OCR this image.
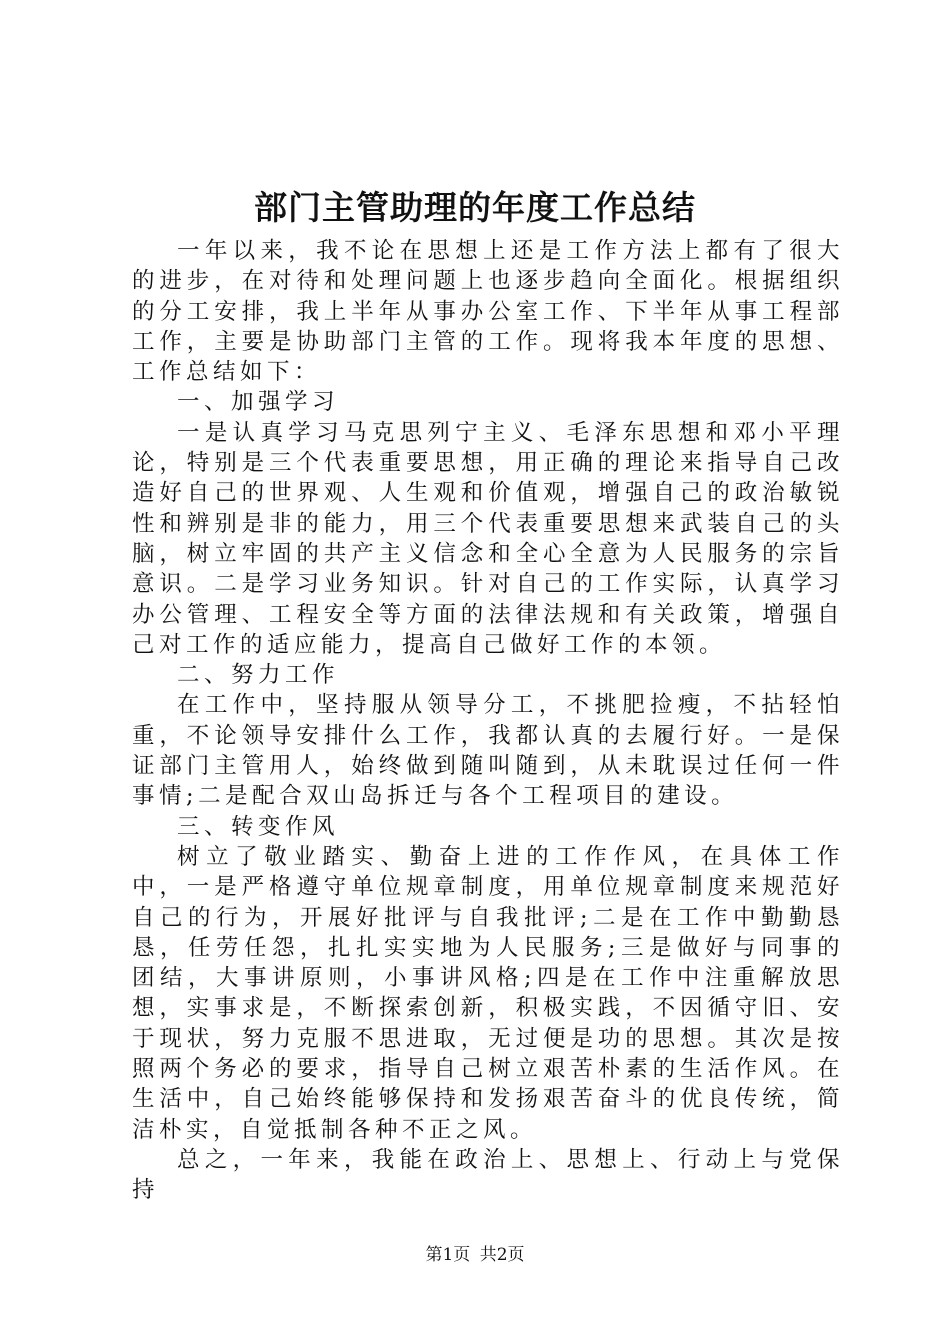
部门主管助理的年度工作总结

一年以来，我不论在思想上还是工作方法上都有了很大的进步，在对待和处理问题上也逐步趋向全面化。根据组织的分工安排，我上半年从事办公室工作、下半年从事工程部工作，主要是协助部门主管的工作。现将我本年度的思想、工作总结如下：

一、加强学习

一是认真学习马克思列宁主义、毛泽东思想和邓小平理论，特别是三个代表重要思想，用正确的理论来指导自己改造好自己的世界观、人生观和价值观，增强自己的政治敏锐性和辨别是非的能力，用三个代表重要思想来武装自己的头脑，树立牢固的共产主义信念和全心全意为人民服务的宗旨意识。二是学习业务知识。针对自己的工作实际，认真学习办公管理、工程安全等方面的法律法规和有关政策，增强自己对工作的适应能力，提高自己做好工作的本领。

二、努力工作

在工作中，坚持服从领导分工，不挑肥捡瘦，不拈轻怕重，不论领导安排什么工作，我都认真的去履行好。一是保证部门主管用人，始终做到随叫随到，从未耽误过任何一件事情;二是配合双山岛拆迁与各个工程项目的建设。

三、转变作风

树立了敬业踏实、勤奋上进的工作作风，在具体工作中，一是严格遵守单位规章制度，用单位规章制度来规范好自己的行为，开展好批评与自我批评;二是在工作中勤勤恳恳，任劳任怨，扎扎实实地为人民服务;三是做好与同事的团结，大事讲原则，小事讲风格;四是在工作中注重解放思想，实事求是，不断探索创新，积极实践，不因循守旧、安于现状，努力克服不思进取，无过便是功的思想。其次是按照两个务必的要求，指导自己树立艰苦朴素的生活作风。在生活中，自己始终能够保持和发扬艰苦奋斗的优良传统，简洁朴实，自觉抵制各种不正之风。

总之，一年来，我能在政治上、思想上、行动上与党保持

第1页 共2页
